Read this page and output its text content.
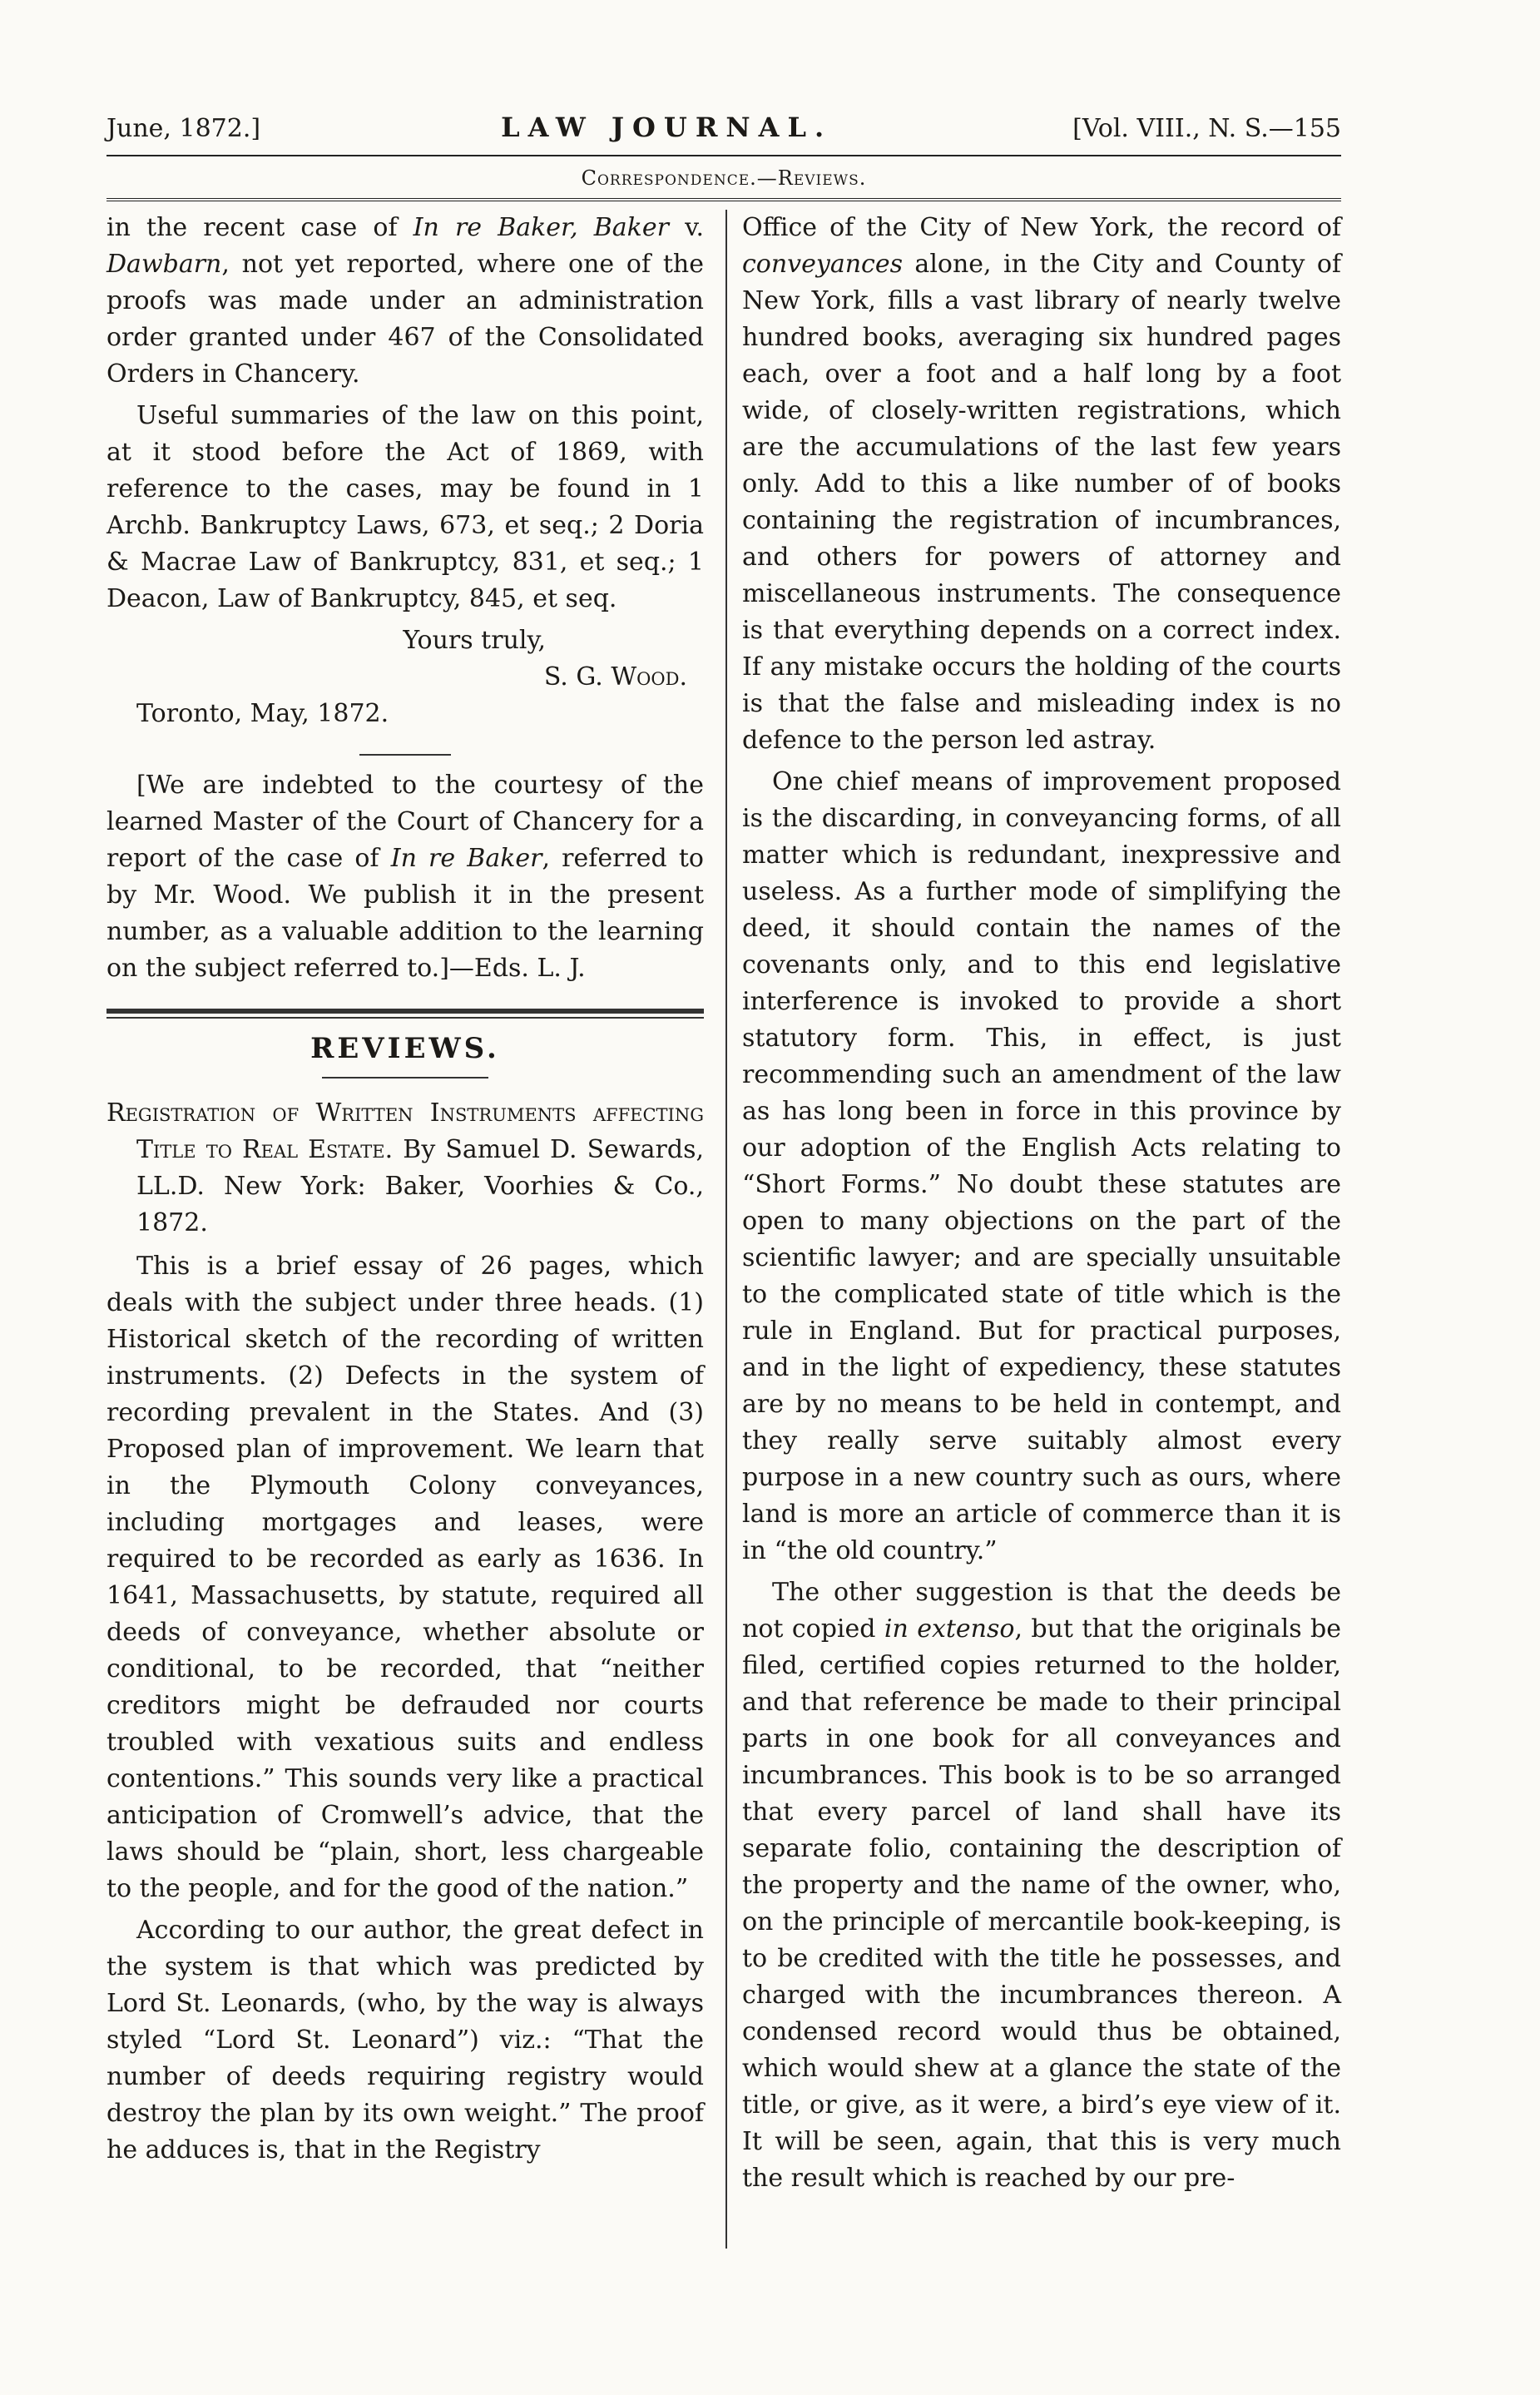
June, 1872.]	LAW JOURNAL.	[Vol. VIII., N. S.—155
Correspondence.—Reviews.

in the recent case of In re Baker, Baker v. Dawbarn, not yet reported, where one of the proofs was made under an administration order granted under 467 of the Consolidated Orders in Chancery.

Useful summaries of the law on this point, at it stood before the Act of 1869, with reference to the cases, may be found in 1 Archb. Bankruptcy Laws, 673, et seq.; 2 Doria & Macrae Law of Bankruptcy, 831, et seq.; 1 Deacon, Law of Bankruptcy, 845, et seq.

Yours truly,

S. G. Wood.

Toronto, May, 1872.

[We are indebted to the courtesy of the learned Master of the Court of Chancery for a report of the case of In re Baker, referred to by Mr. Wood. We publish it in the present number, as a valuable addition to the learning on the subject referred to.]—Eds. L. J.

REVIEWS.

Registration of Written Instruments affecting Title to Real Estate. By Samuel D. Sewards, LL.D. New York: Baker, Voorhies & Co., 1872.

This is a brief essay of 26 pages, which deals with the subject under three heads. (1) Historical sketch of the recording of written instruments. (2) Defects in the system of recording prevalent in the States. And (3) Proposed plan of improvement. We learn that in the Plymouth Colony conveyances, including mortgages and leases, were required to be recorded as early as 1636. In 1641, Massachusetts, by statute, required all deeds of conveyance, whether absolute or conditional, to be recorded, that “neither creditors might be defrauded nor courts troubled with vexatious suits and endless contentions.” This sounds very like a practical anticipation of Cromwell’s advice, that the laws should be “plain, short, less chargeable to the people, and for the good of the nation.”

According to our author, the great defect in the system is that which was predicted by Lord St. Leonards, (who, by the way is always styled “Lord St. Leonard”) viz.: “That the number of deeds requiring registry would destroy the plan by its own weight.” The proof he adduces is, that in the Registry

Office of the City of New York, the record of conveyances alone, in the City and County of New York, fills a vast library of nearly twelve hundred books, averaging six hundred pages each, over a foot and a half long by a foot wide, of closely-written registrations, which are the accumulations of the last few years only. Add to this a like number of of books containing the registration of incumbrances, and others for powers of attorney and miscellaneous instruments. The consequence is that everything depends on a correct index. If any mistake occurs the holding of the courts is that the false and misleading index is no defence to the person led astray.

One chief means of improvement proposed is the discarding, in conveyancing forms, of all matter which is redundant, inexpressive and useless. As a further mode of simplifying the deed, it should contain the names of the covenants only, and to this end legislative interference is invoked to provide a short statutory form. This, in effect, is just recommending such an amendment of the law as has long been in force in this province by our adoption of the English Acts relating to “Short Forms.” No doubt these statutes are open to many objections on the part of the scientific lawyer; and are specially unsuitable to the complicated state of title which is the rule in England. But for practical purposes, and in the light of expediency, these statutes are by no means to be held in contempt, and they really serve suitably almost every purpose in a new country such as ours, where land is more an article of commerce than it is in “the old country.”

The other suggestion is that the deeds be not copied in extenso, but that the originals be filed, certified copies returned to the holder, and that reference be made to their principal parts in one book for all conveyances and incumbrances. This book is to be so arranged that every parcel of land shall have its separate folio, containing the description of the property and the name of the owner, who, on the principle of mercantile book-keeping, is to be credited with the title he possesses, and charged with the incumbrances thereon. A condensed record would thus be obtained, which would shew at a glance the state of the title, or give, as it were, a bird’s eye view of it. It will be seen, again, that this is very much the result which is reached by our pre-
